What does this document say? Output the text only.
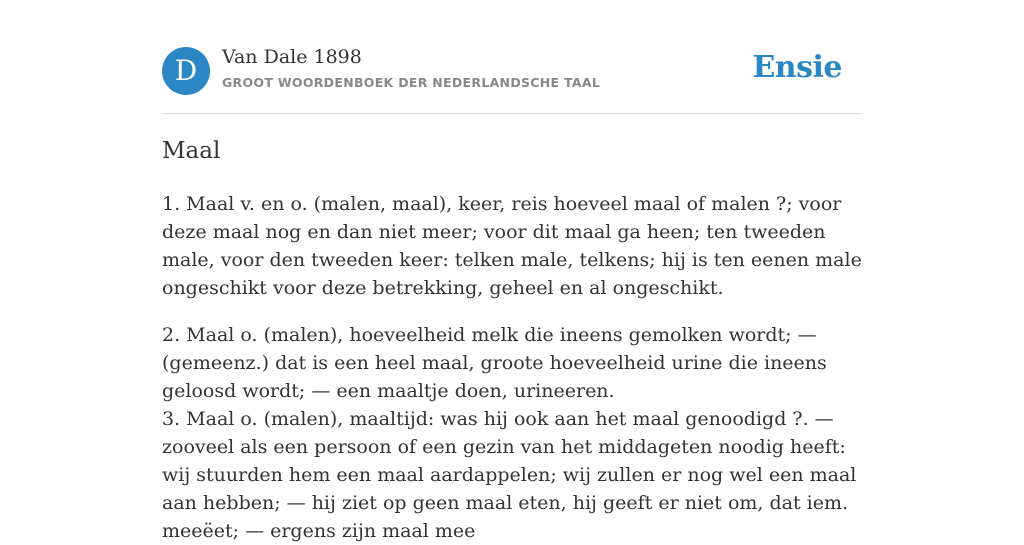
D	Van Dale 1898
GROOT WOORDENBOEK DER NEDERLANDSCHE TAAL	Ensie
Maal

1. Maal v. en o. (malen, maal), keer, reis hoeveel maal of malen ?; voor deze maal nog en dan niet meer; voor dit maal ga heen; ten tweeden male, voor den tweeden keer: telken male, telkens; hij is ten eenen male ongeschikt voor deze betrekking, geheel en al ongeschikt.

2. Maal o. (malen), hoeveelheid melk die ineens gemolken wordt; — (gemeenz.) dat is een heel maal, groote hoeveelheid urine die ineens geloosd wordt; — een maaltje doen, urineeren.

3. Maal o. (malen), maaltijd: was hij ook aan het maal genoodigd ?. — zooveel als een persoon of een gezin van het middageten noodig heeft: wij stuurden hem een maal aardappelen; wij zullen er nog wel een maal aan hebben; — hij ziet op geen maal eten, hij geeft er niet om, dat iem. meeëet; — ergens zijn maal mee
